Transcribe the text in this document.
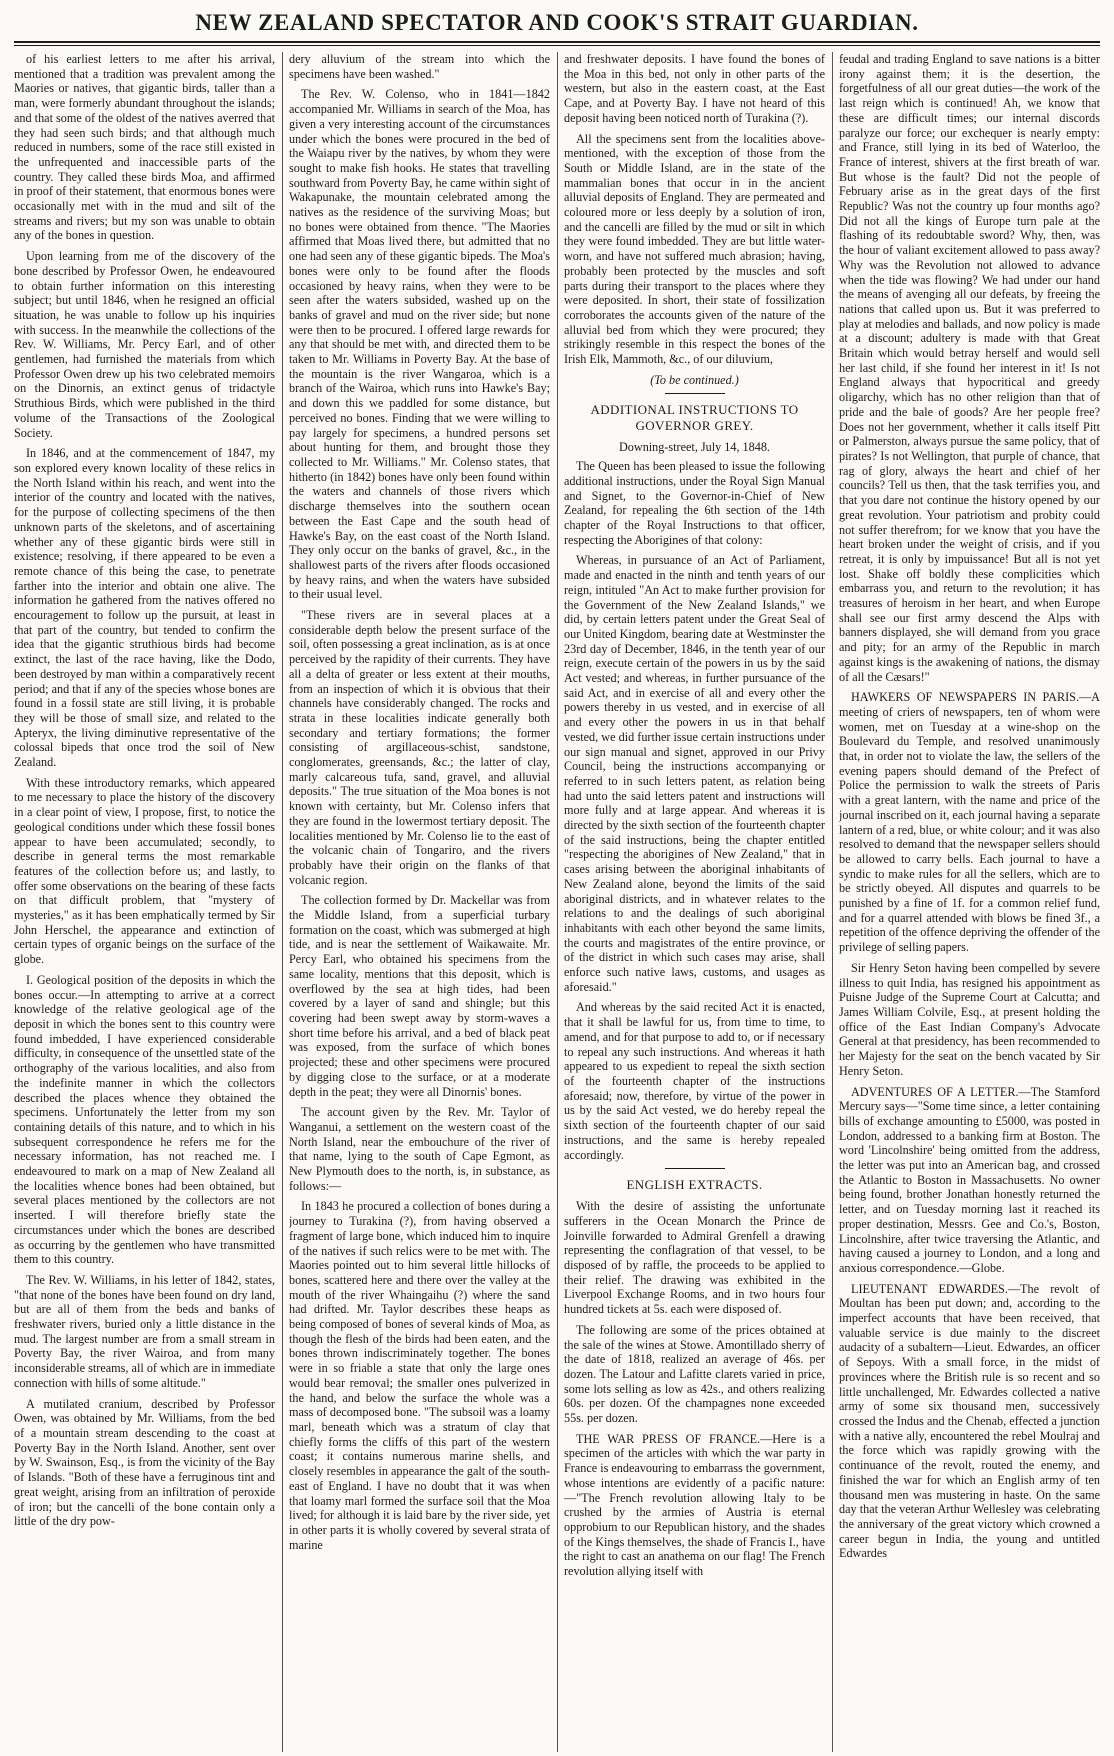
NEW ZEALAND SPECTATOR AND COOK'S STRAIT GUARDIAN.

of his earliest letters to me after his arrival, mentioned that a tradition was prevalent among the Maories or natives, that gigantic birds, taller than a man, were formerly abundant throughout the islands; and that some of the oldest of the natives averred that they had seen such birds; and that although much reduced in numbers, some of the race still existed in the unfrequented and inaccessible parts of the country. They called these birds Moa, and affirmed in proof of their statement, that enormous bones were occasionally met with in the mud and silt of the streams and rivers; but my son was unable to obtain any of the bones in question.

Upon learning from me of the discovery of the bone described by Professor Owen, he endeavoured to obtain further information on this interesting subject; but until 1846, when he resigned an official situation, he was unable to follow up his inquiries with success. In the meanwhile the collections of the Rev. W. Williams, Mr. Percy Earl, and of other gentlemen, had furnished the materials from which Professor Owen drew up his two celebrated memoirs on the Dinornis, an extinct genus of tridactyle Struthious Birds, which were published in the third volume of the Transactions of the Zoological Society.

In 1846, and at the commencement of 1847, my son explored every known locality of these relics in the North Island within his reach, and went into the interior of the country and located with the natives, for the purpose of collecting specimens of the then unknown parts of the skeletons, and of ascertaining whether any of these gigantic birds were still in existence; resolving, if there appeared to be even a remote chance of this being the case, to penetrate farther into the interior and obtain one alive. The information he gathered from the natives offered no encouragement to follow up the pursuit, at least in that part of the country, but tended to confirm the idea that the gigantic struthious birds had become extinct, the last of the race having, like the Dodo, been destroyed by man within a comparatively recent period; and that if any of the species whose bones are found in a fossil state are still living, it is probable they will be those of small size, and related to the Apteryx, the living diminutive representative of the colossal bipeds that once trod the soil of New Zealand.

With these introductory remarks, which appeared to me necessary to place the history of the discovery in a clear point of view, I propose, first, to notice the geological conditions under which these fossil bones appear to have been accumulated; secondly, to describe in general terms the most remarkable features of the collection before us; and lastly, to offer some observations on the bearing of these facts on that difficult problem, that "mystery of mysteries," as it has been emphatically termed by Sir John Herschel, the appearance and extinction of certain types of organic beings on the surface of the globe.

I. Geological position of the deposits in which the bones occur.—In attempting to arrive at a correct knowledge of the relative geological age of the deposit in which the bones sent to this country were found imbedded, I have experienced considerable difficulty, in consequence of the unsettled state of the orthography of the various localities, and also from the indefinite manner in which the collectors described the places whence they obtained the specimens. Unfortunately the letter from my son containing details of this nature, and to which in his subsequent correspondence he refers me for the necessary information, has not reached me. I endeavoured to mark on a map of New Zealand all the localities whence bones had been obtained, but several places mentioned by the collectors are not inserted. I will therefore briefly state the circumstances under which the bones are described as occurring by the gentlemen who have transmitted them to this country.

The Rev. W. Williams, in his letter of 1842, states, "that none of the bones have been found on dry land, but are all of them from the beds and banks of freshwater rivers, buried only a little distance in the mud. The largest number are from a small stream in Poverty Bay, the river Wairoa, and from many inconsiderable streams, all of which are in immediate connection with hills of some altitude."

A mutilated cranium, described by Professor Owen, was obtained by Mr. Williams, from the bed of a mountain stream descending to the coast at Poverty Bay in the North Island. Another, sent over by W. Swainson, Esq., is from the vicinity of the Bay of Islands. "Both of these have a ferruginous tint and great weight, arising from an infiltration of peroxide of iron; but the cancelli of the bone contain only a little of the dry pow-

dery alluvium of the stream into which the specimens have been washed."

The Rev. W. Colenso, who in 1841—1842 accompanied Mr. Williams in search of the Moa, has given a very interesting account of the circumstances under which the bones were procured in the bed of the Waiapu river by the natives, by whom they were sought to make fish hooks. He states that travelling southward from Poverty Bay, he came within sight of Wakapunake, the mountain celebrated among the natives as the residence of the surviving Moas; but no bones were obtained from thence. "The Maories affirmed that Moas lived there, but admitted that no one had seen any of these gigantic bipeds. The Moa's bones were only to be found after the floods occasioned by heavy rains, when they were to be seen after the waters subsided, washed up on the banks of gravel and mud on the river side; but none were then to be procured. I offered large rewards for any that should be met with, and directed them to be taken to Mr. Williams in Poverty Bay. At the base of the mountain is the river Wangaroa, which is a branch of the Wairoa, which runs into Hawke's Bay; and down this we paddled for some distance, but perceived no bones. Finding that we were willing to pay largely for specimens, a hundred persons set about hunting for them, and brought those they collected to Mr. Williams." Mr. Colenso states, that hitherto (in 1842) bones have only been found within the waters and channels of those rivers which discharge themselves into the southern ocean between the East Cape and the south head of Hawke's Bay, on the east coast of the North Island. They only occur on the banks of gravel, &c., in the shallowest parts of the rivers after floods occasioned by heavy rains, and when the waters have subsided to their usual level.

"These rivers are in several places at a considerable depth below the present surface of the soil, often possessing a great inclination, as is at once perceived by the rapidity of their currents. They have all a delta of greater or less extent at their mouths, from an inspection of which it is obvious that their channels have considerably changed. The rocks and strata in these localities indicate generally both secondary and tertiary formations; the former consisting of argillaceous-schist, sandstone, conglomerates, greensands, &c.; the latter of clay, marly calcareous tufa, sand, gravel, and alluvial deposits." The true situation of the Moa bones is not known with certainty, but Mr. Colenso infers that they are found in the lowermost tertiary deposit. The localities mentioned by Mr. Colenso lie to the east of the volcanic chain of Tongariro, and the rivers probably have their origin on the flanks of that volcanic region.

The collection formed by Dr. Mackellar was from the Middle Island, from a superficial turbary formation on the coast, which was submerged at high tide, and is near the settlement of Waikawaite. Mr. Percy Earl, who obtained his specimens from the same locality, mentions that this deposit, which is overflowed by the sea at high tides, had been covered by a layer of sand and shingle; but this covering had been swept away by storm-waves a short time before his arrival, and a bed of black peat was exposed, from the surface of which bones projected; these and other specimens were procured by digging close to the surface, or at a moderate depth in the peat; they were all Dinornis' bones.

The account given by the Rev. Mr. Taylor of Wanganui, a settlement on the western coast of the North Island, near the embouchure of the river of that name, lying to the south of Cape Egmont, as New Plymouth does to the north, is, in substance, as follows:—

In 1843 he procured a collection of bones during a journey to Turakina (?), from having observed a fragment of large bone, which induced him to inquire of the natives if such relics were to be met with. The Maories pointed out to him several little hillocks of bones, scattered here and there over the valley at the mouth of the river Whaingaihu (?) where the sand had drifted. Mr. Taylor describes these heaps as being composed of bones of several kinds of Moa, as though the flesh of the birds had been eaten, and the bones thrown indiscriminately together. The bones were in so friable a state that only the large ones would bear removal; the smaller ones pulverized in the hand, and below the surface the whole was a mass of decomposed bone. "The subsoil was a loamy marl, beneath which was a stratum of clay that chiefly forms the cliffs of this part of the western coast; it contains numerous marine shells, and closely resembles in appearance the galt of the south-east of England. I have no doubt that it was when that loamy marl formed the surface soil that the Moa lived; for although it is laid bare by the river side, yet in other parts it is wholly covered by several strata of marine

and freshwater deposits. I have found the bones of the Moa in this bed, not only in other parts of the western, but also in the eastern coast, at the East Cape, and at Poverty Bay. I have not heard of this deposit having been noticed north of Turakina (?).

All the specimens sent from the localities above-mentioned, with the exception of those from the South or Middle Island, are in the state of the mammalian bones that occur in in the ancient alluvial deposits of England. They are permeated and coloured more or less deeply by a solution of iron, and the cancelli are filled by the mud or silt in which they were found imbedded. They are but little water-worn, and have not suffered much abrasion; having, probably been protected by the muscles and soft parts during their transport to the places where they were deposited. In short, their state of fossilization corroborates the accounts given of the nature of the alluvial bed from which they were procured; they strikingly resemble in this respect the bones of the Irish Elk, Mammoth, &c., of our diluvium,

(To be continued.)

ADDITIONAL INSTRUCTIONS TO GOVERNOR GREY.

Downing-street, July 14, 1848.

The Queen has been pleased to issue the following additional instructions, under the Royal Sign Manual and Signet, to the Governor-in-Chief of New Zealand, for repealing the 6th section of the 14th chapter of the Royal Instructions to that officer, respecting the Aborigines of that colony:

Whereas, in pursuance of an Act of Parliament, made and enacted in the ninth and tenth years of our reign, intituled "An Act to make further provision for the Government of the New Zealand Islands," we did, by certain letters patent under the Great Seal of our United Kingdom, bearing date at Westminster the 23rd day of December, 1846, in the tenth year of our reign, execute certain of the powers in us by the said Act vested; and whereas, in further pursuance of the said Act, and in exercise of all and every other the powers thereby in us vested, and in exercise of all and every other the powers in us in that behalf vested, we did further issue certain instructions under our sign manual and signet, approved in our Privy Council, being the instructions accompanying or referred to in such letters patent, as relation being had unto the said letters patent and instructions will more fully and at large appear. And whereas it is directed by the sixth section of the fourteenth chapter of the said instructions, being the chapter entitled "respecting the aborigines of New Zealand," that in cases arising between the aboriginal inhabitants of New Zealand alone, beyond the limits of the said aboriginal districts, and in whatever relates to the relations to and the dealings of such aboriginal inhabitants with each other beyond the same limits, the courts and magistrates of the entire province, or of the district in which such cases may arise, shall enforce such native laws, customs, and usages as aforesaid."

And whereas by the said recited Act it is enacted, that it shall be lawful for us, from time to time, to amend, and for that purpose to add to, or if necessary to repeal any such instructions. And whereas it hath appeared to us expedient to repeal the sixth section of the fourteenth chapter of the instructions aforesaid; now, therefore, by virtue of the power in us by the said Act vested, we do hereby repeal the sixth section of the fourteenth chapter of our said instructions, and the same is hereby repealed accordingly.

ENGLISH EXTRACTS.

With the desire of assisting the unfortunate sufferers in the Ocean Monarch the Prince de Joinville forwarded to Admiral Grenfell a drawing representing the conflagration of that vessel, to be disposed of by raffle, the proceeds to be applied to their relief. The drawing was exhibited in the Liverpool Exchange Rooms, and in two hours four hundred tickets at 5s. each were disposed of.

The following are some of the prices obtained at the sale of the wines at Stowe. Amontillado sherry of the date of 1818, realized an average of 46s. per dozen. The Latour and Lafitte clarets varied in price, some lots selling as low as 42s., and others realizing 60s. per dozen. Of the champagnes none exceeded 55s. per dozen.

THE WAR PRESS OF FRANCE.—Here is a specimen of the articles with which the war party in France is endeavouring to embarrass the government, whose intentions are evidently of a pacific nature:—"The French revolution allowing Italy to be crushed by the armies of Austria is eternal opprobium to our Republican history, and the shades of the Kings themselves, the shade of Francis I., have the right to cast an anathema on our flag! The French revolution allying itself with

feudal and trading England to save nations is a bitter irony against them; it is the desertion, the forgetfulness of all our great duties—the work of the last reign which is continued! Ah, we know that these are difficult times; our internal discords paralyze our force; our exchequer is nearly empty: and France, still lying in its bed of Waterloo, the France of interest, shivers at the first breath of war. But whose is the fault? Did not the people of February arise as in the great days of the first Republic? Was not the country up four months ago? Did not all the kings of Europe turn pale at the flashing of its redoubtable sword? Why, then, was the hour of valiant excitement allowed to pass away? Why was the Revolution not allowed to advance when the tide was flowing? We had under our hand the means of avenging all our defeats, by freeing the nations that called upon us. But it was preferred to play at melodies and ballads, and now policy is made at a discount; adultery is made with that Great Britain which would betray herself and would sell her last child, if she found her interest in it! Is not England always that hypocritical and greedy oligarchy, which has no other religion than that of pride and the bale of goods? Are her people free? Does not her government, whether it calls itself Pitt or Palmerston, always pursue the same policy, that of pirates? Is not Wellington, that purple of chance, that rag of glory, always the heart and chief of her councils? Tell us then, that the task terrifies you, and that you dare not continue the history opened by our great revolution. Your patriotism and probity could not suffer therefrom; for we know that you have the heart broken under the weight of crisis, and if you retreat, it is only by impuissance! But all is not yet lost. Shake off boldly these complicities which embarrass you, and return to the revolution; it has treasures of heroism in her heart, and when Europe shall see our first army descend the Alps with banners displayed, she will demand from you grace and pity; for an army of the Republic in march against kings is the awakening of nations, the dismay of all the Cæsars!"

HAWKERS OF NEWSPAPERS IN PARIS.—A meeting of criers of newspapers, ten of whom were women, met on Tuesday at a wine-shop on the Boulevard du Temple, and resolved unanimously that, in order not to violate the law, the sellers of the evening papers should demand of the Prefect of Police the permission to walk the streets of Paris with a great lantern, with the name and price of the journal inscribed on it, each journal having a separate lantern of a red, blue, or white colour; and it was also resolved to demand that the newspaper sellers should be allowed to carry bells. Each journal to have a syndic to make rules for all the sellers, which are to be strictly obeyed. All disputes and quarrels to be punished by a fine of 1f. for a common relief fund, and for a quarrel attended with blows be fined 3f., a repetition of the offence depriving the offender of the privilege of selling papers.

Sir Henry Seton having been compelled by severe illness to quit India, has resigned his appointment as Puisne Judge of the Supreme Court at Calcutta; and James William Colvile, Esq., at present holding the office of the East Indian Company's Advocate General at that presidency, has been recommended to her Majesty for the seat on the bench vacated by Sir Henry Seton.

ADVENTURES OF A LETTER.—The Stamford Mercury says—"Some time since, a letter containing bills of exchange amounting to £5000, was posted in London, addressed to a banking firm at Boston. The word 'Lincolnshire' being omitted from the address, the letter was put into an American bag, and crossed the Atlantic to Boston in Massachusetts. No owner being found, brother Jonathan honestly returned the letter, and on Tuesday morning last it reached its proper destination, Messrs. Gee and Co.'s, Boston, Lincolnshire, after twice traversing the Atlantic, and having caused a journey to London, and a long and anxious correspondence.—Globe.

LIEUTENANT EDWARDES.—The revolt of Moultan has been put down; and, according to the imperfect accounts that have been received, that valuable service is due mainly to the discreet audacity of a subaltern—Lieut. Edwardes, an officer of Sepoys. With a small force, in the midst of provinces where the British rule is so recent and so little unchallenged, Mr. Edwardes collected a native army of some six thousand men, successively crossed the Indus and the Chenab, effected a junction with a native ally, encountered the rebel Moulraj and the force which was rapidly growing with the continuance of the revolt, routed the enemy, and finished the war for which an English army of ten thousand men was mustering in haste. On the same day that the veteran Arthur Wellesley was celebrating the anniversary of the great victory which crowned a career begun in India, the young and untitled Edwardes
